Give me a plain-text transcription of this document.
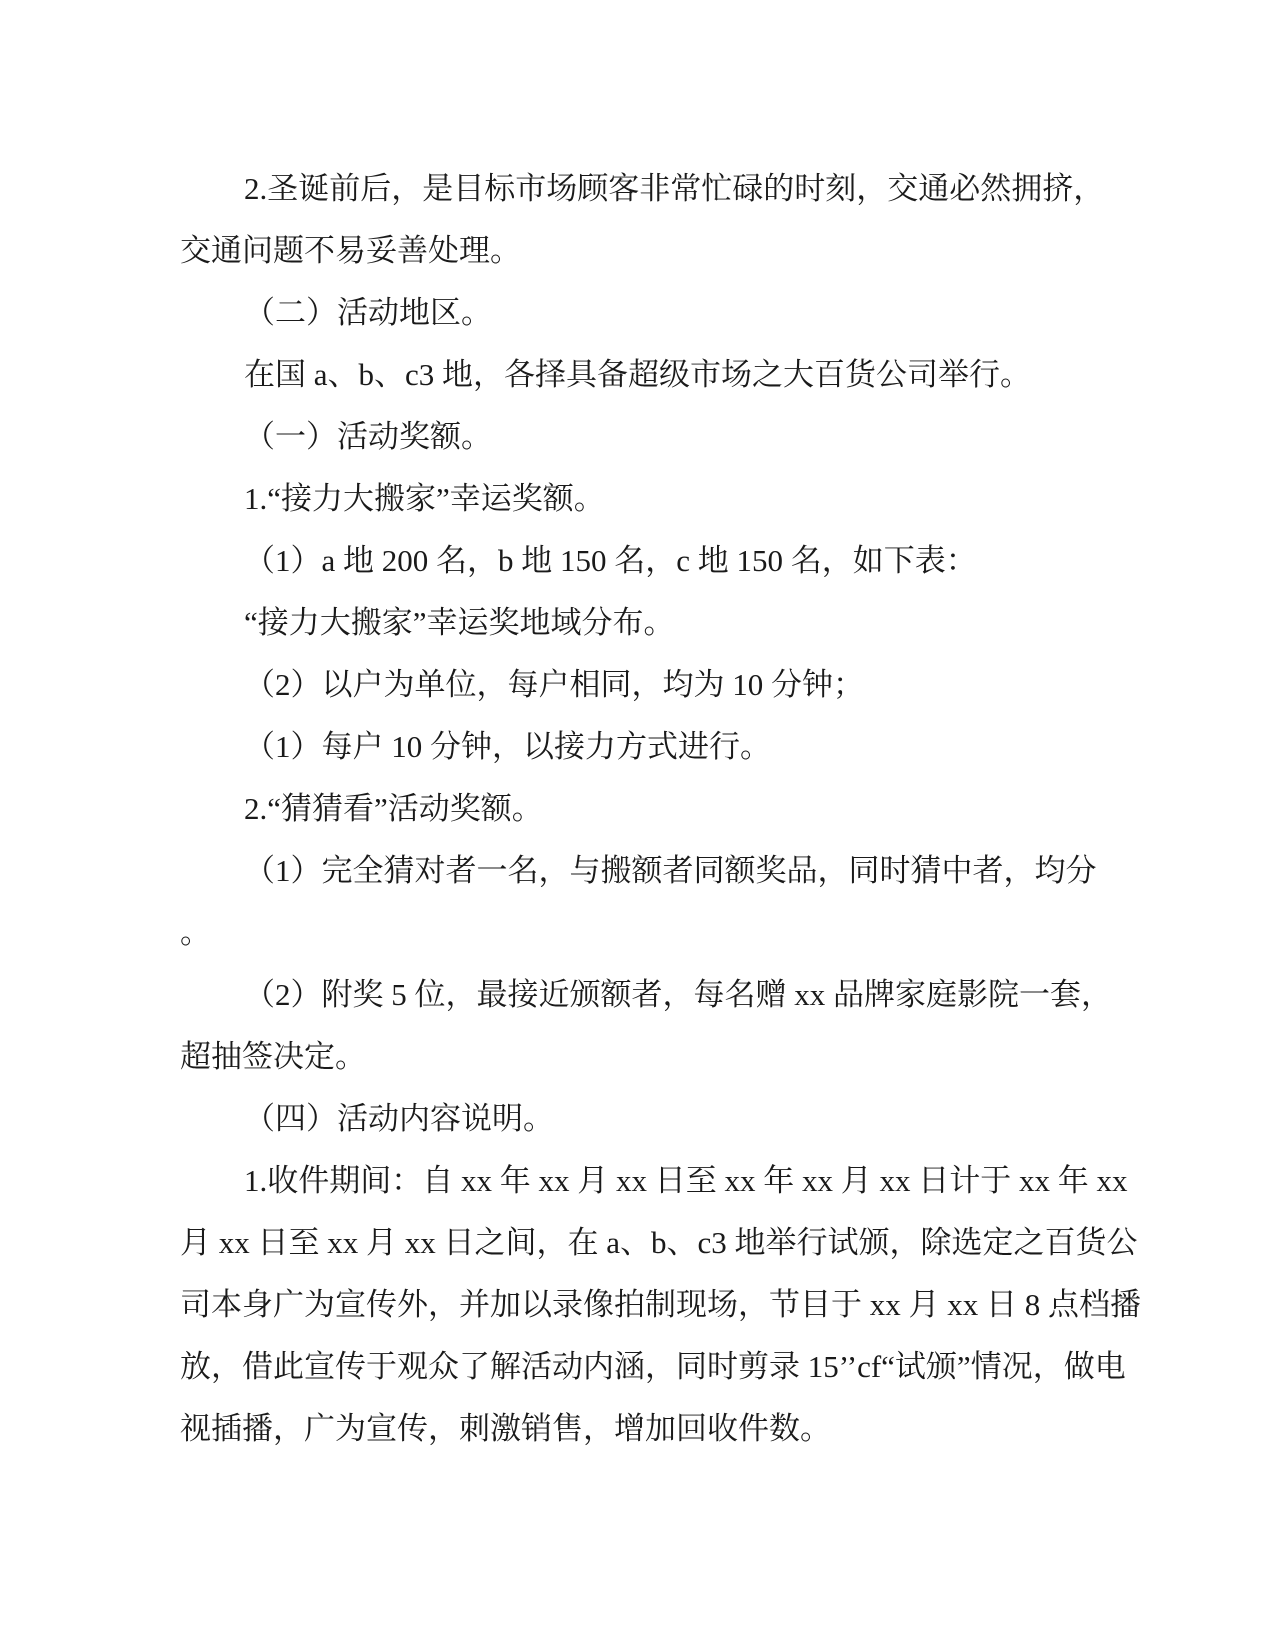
2.圣诞前后，是目标市场顾客非常忙碌的时刻，交通必然拥挤，
交通问题不易妥善处理。
（二）活动地区。
在国 a、b、c3 地，各择具备超级市场之大百货公司举行。
（一）活动奖额。
1.“接力大搬家”幸运奖额。
（1）a 地 200 名，b 地 150 名，c 地 150 名，如下表：
“接力大搬家”幸运奖地域分布。
（2）以户为单位，每户相同，均为 10 分钟；
（1）每户 10 分钟，以接力方式进行。
2.“猜猜看”活动奖额。
（1）完全猜对者一名，与搬额者同额奖品，同时猜中者，均分
。
（2）附奖 5 位，最接近颁额者，每名赠 xx 品牌家庭影院一套，
超抽签决定。
（四）活动内容说明。
1.收件期间：自 xx 年 xx 月 xx 日至 xx 年 xx 月 xx 日计于 xx 年 xx
月 xx 日至 xx 月 xx 日之间，在 a、b、c3 地举行试颁，除选定之百货公
司本身广为宣传外，并加以录像拍制现场，节目于 xx 月 xx 日 8 点档播
放，借此宣传于观众了解活动内涵，同时剪录 15’’cf“试颁”情况，做电
视插播，广为宣传，刺激销售，增加回收件数。
